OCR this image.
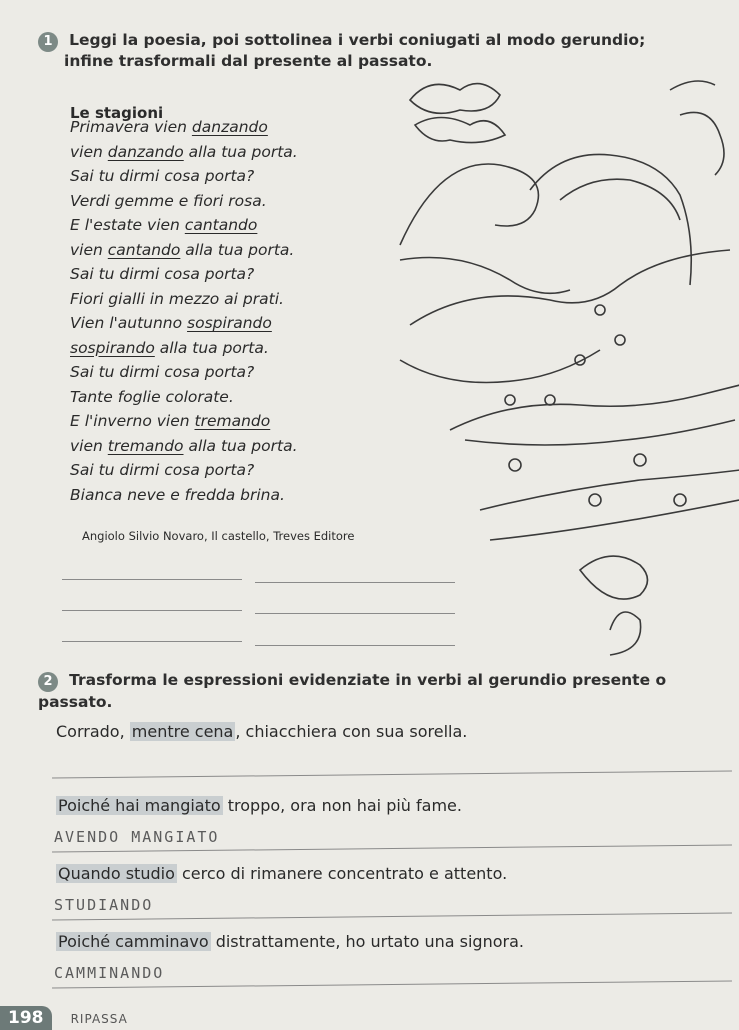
1 Leggi la poesia, poi sottolinea i verbi coniugati al modo gerundio;
infine trasformali dal presente al passato.
Le stagioni
Primavera vien danzando
vien danzando alla tua porta.
Sai tu dirmi cosa porta?
Verdi gemme e fiori rosa.
E l'estate vien cantando
vien cantando alla tua porta.
Sai tu dirmi cosa porta?
Fiori gialli in mezzo ai prati.
Vien l'autunno sospirando
sospirando alla tua porta.
Sai tu dirmi cosa porta?
Tante foglie colorate.
E l'inverno vien tremando
vien tremando alla tua porta.
Sai tu dirmi cosa porta?
Bianca neve e fredda brina.
Angiolo Silvio Novaro, Il castello, Treves Editore
2 Trasforma le espressioni evidenziate in verbi al gerundio presente o passato.
Corrado, mentre cena , chiacchiera con sua sorella.
Poiché hai mangiato troppo, ora non hai più fame.
AVENDO MANGIATO
Quando studio cerco di rimanere concentrato e attento.
STUDIANDO
Poiché camminavo distrattamente, ho urtato una signora.
CAMMINANDO
198 RIPASSA
